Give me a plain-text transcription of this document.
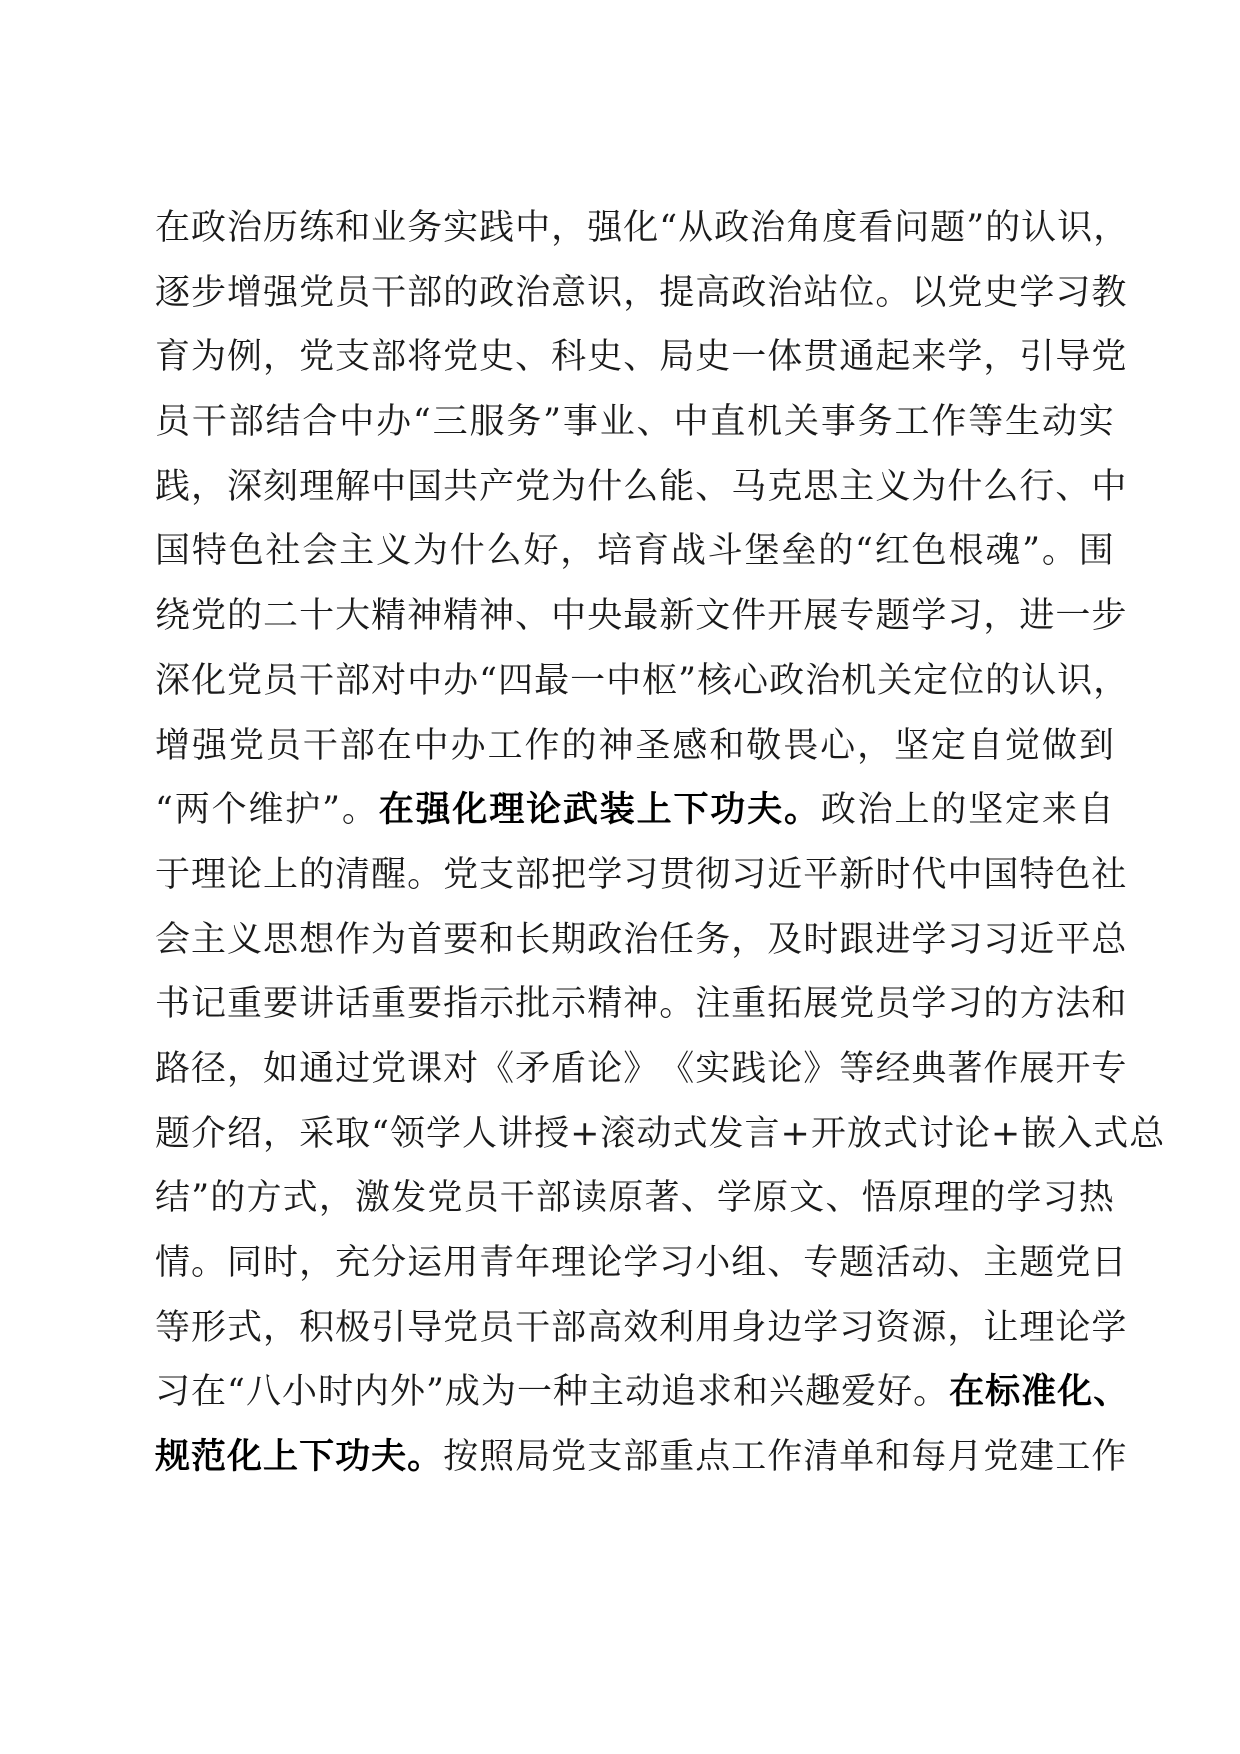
在 政 治 历 练 和 业 务 实 践 中 ， 强 化 “ 从 政 治 角 度 看 问 题 ” 的 认 识 ，
逐 步 增 强 党 员 干 部 的 政 治 意 识 ， 提 高 政 治 站 位 。 以 党 史 学 习 教
育 为 例 ， 党 支 部 将 党 史 、 科 史 、 局 史 一 体 贯 通 起 来 学 ， 引 导 党
员 干 部 结 合 中 办 “ 三 服 务 ” 事 业 、 中 直 机 关 事 务 工 作 等 生 动 实
践 ， 深 刻 理 解 中 国 共 产 党 为 什 么 能 、 马 克 思 主 义 为 什 么 行 、 中
国 特 色 社 会 主 义 为 什 么 好 ， 培 育 战 斗 堡 垒 的 “ 红 色 根 魂 ” 。 围
绕 党 的 二 十 大 精 神 精 神 、 中 央 最 新 文 件 开 展 专 题 学 习 ， 进 一 步
深 化 党 员 干 部 对 中 办 “ 四 最 一 中 枢 ” 核 心 政 治 机 关 定 位 的 认 识 ，
增 强 党 员 干 部 在 中 办 工 作 的 神 圣 感 和 敬 畏 心 ， 坚 定 自 觉 做 到
“ 两 个 维 护 ” 。 在 强 化 理 论 武 装 上 下 功 夫 。 政 治 上 的 坚 定 来 自
于 理 论 上 的 清 醒 。 党 支 部 把 学 习 贯 彻 习 近 平 新 时 代 中 国 特 色 社
会 主 义 思 想 作 为 首 要 和 长 期 政 治 任 务 ， 及 时 跟 进 学 习 习 近 平 总
书 记 重 要 讲 话 重 要 指 示 批 示 精 神 。 注 重 拓 展 党 员 学 习 的 方 法 和
路 径 ， 如 通 过 党 课 对 《 矛 盾 论 》 《 实 践 论 》 等 经 典 著 作 展 开 专
题 介 绍 ， 采 取 “ 领 学 人 讲 授 + 滚 动 式 发 言 + 开 放 式 讨 论 + 嵌 入 式 总
结 ” 的 方 式 ， 激 发 党 员 干 部 读 原 著 、 学 原 文 、 悟 原 理 的 学 习 热
情 。 同 时 ， 充 分 运 用 青 年 理 论 学 习 小 组 、 专 题 活 动 、 主 题 党 日
等 形 式 ， 积 极 引 导 党 员 干 部 高 效 利 用 身 边 学 习 资 源 ， 让 理 论 学
习 在 “ 八 小 时 内 外 ” 成 为 一 种 主 动 追 求 和 兴 趣 爱 好 。 在 标 准 化 、
规 范 化 上 下 功 夫 。 按 照 局 党 支 部 重 点 工 作 清 单 和 每 月 党 建 工 作
